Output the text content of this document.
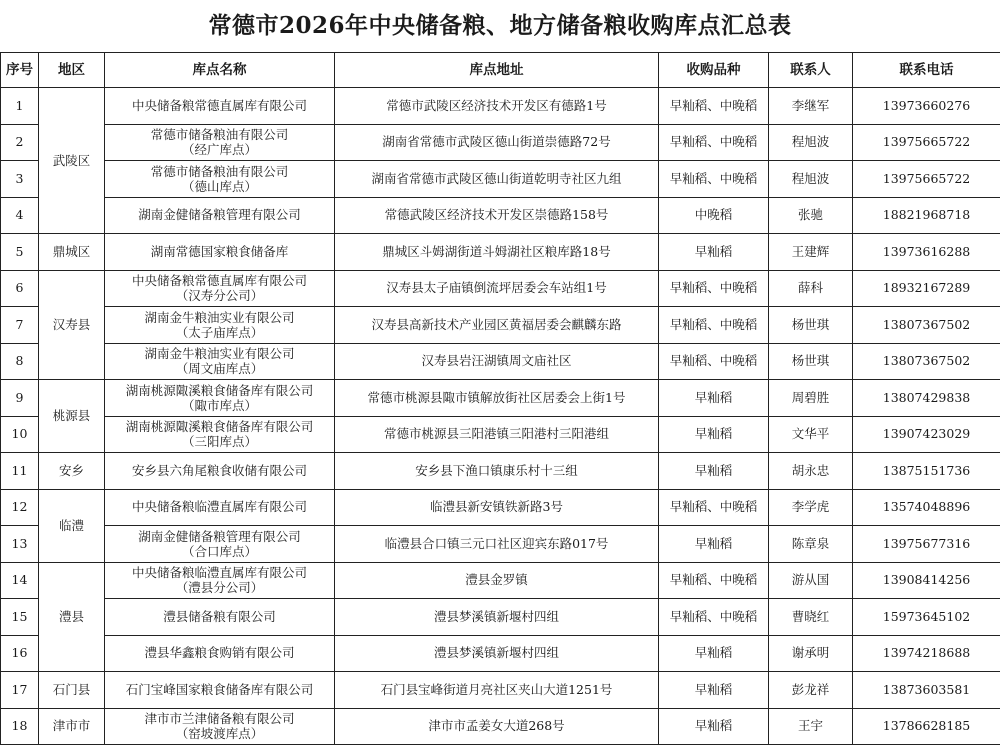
常德市2026年中央储备粮、地方储备粮收购库点汇总表
序号	地区	库点名称	库点地址	收购品种	联系人	联系电话
1	武陵区	中央储备粮常德直属库有限公司	常德市武陵区经济技术开发区有德路1号	早籼稻、中晚稻	李继军	13973660276
2		常德市储备粮油有限公司
（经广库点）	湖南省常德市武陵区德山街道崇德路72号	早籼稻、中晚稻	程旭波	13975665722
3		常德市储备粮油有限公司
（德山库点）	湖南省常德市武陵区德山街道乾明寺社区九组	早籼稻、中晚稻	程旭波	13975665722
4		湖南金健储备粮管理有限公司	常德武陵区经济技术开发区崇德路158号	中晚稻	张驰	18821968718
5	鼎城区	湖南常德国家粮食储备库	鼎城区斗姆湖街道斗姆湖社区粮库路18号	早籼稻	王建辉	13973616288
6	汉寿县	中央储备粮常德直属库有限公司
（汉寿分公司）	汉寿县太子庙镇倒流坪居委会车站组1号	早籼稻、中晚稻	薛科	18932167289
7		湖南金牛粮油实业有限公司
（太子庙库点）	汉寿县高新技术产业园区黄福居委会麒麟东路	早籼稻、中晚稻	杨世琪	13807367502
8		湖南金牛粮油实业有限公司
（周文庙库点）	汉寿县岩汪湖镇周文庙社区	早籼稻、中晚稻	杨世琪	13807367502
9	桃源县	湖南桃源陬溪粮食储备库有限公司
（陬市库点）	常德市桃源县陬市镇解放街社区居委会上街1号	早籼稻	周碧胜	13807429838
10		湖南桃源陬溪粮食储备库有限公司
（三阳库点）	常德市桃源县三阳港镇三阳港村三阳港组	早籼稻	文华平	13907423029
11	安乡	安乡县六角尾粮食收储有限公司	安乡县下渔口镇康乐村十三组	早籼稻	胡永忠	13875151736
12	临澧	中央储备粮临澧直属库有限公司	临澧县新安镇铁新路3号	早籼稻、中晚稻	李学虎	13574048896
13		湖南金健储备粮管理有限公司
（合口库点）	临澧县合口镇三元口社区迎宾东路017号	早籼稻	陈章泉	13975677316
14	澧县	中央储备粮临澧直属库有限公司
（澧县分公司）	澧县金罗镇	早籼稻、中晚稻	游从国	13908414256
15		澧县储备粮有限公司	澧县梦溪镇新堰村四组	早籼稻、中晚稻	曹晓红	15973645102
16		澧县华鑫粮食购销有限公司	澧县梦溪镇新堰村四组	早籼稻	谢承明	13974218688
17	石门县	石门宝峰国家粮食储备库有限公司	石门县宝峰街道月亮社区夹山大道1251号	早籼稻	彭龙祥	13873603581
18	津市市	津市市兰津储备粮有限公司
（窑坡渡库点）	津市市孟姜女大道268号	早籼稻	王宇	13786628185
